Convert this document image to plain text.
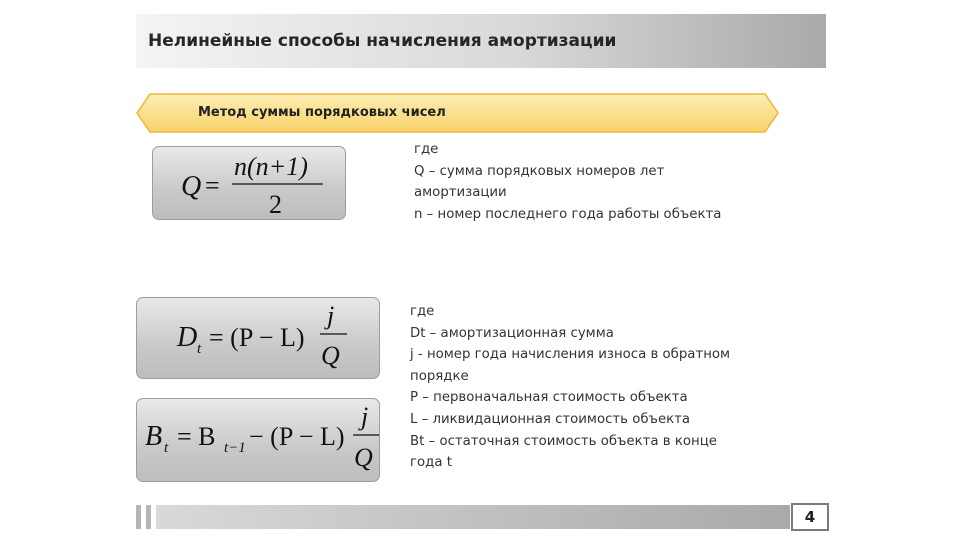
Нелинейные способы начисления амортизации
Метод суммы порядковых чисел
Q =
n(n+1)
2
D t = (P − L)
j
Q
B t = B t−1 − (P − L)
j
Q
где
Q – сумма порядковых номеров лет
амортизации
n – номер последнего года работы объекта
где
Dt – амортизационная сумма
j - номер года начисления износа в обратном
порядке
P – первоначальная стоимость объекта
L – ликвидационная стоимость объекта
Bt – остаточная стоимость объекта в конце
года t
4
